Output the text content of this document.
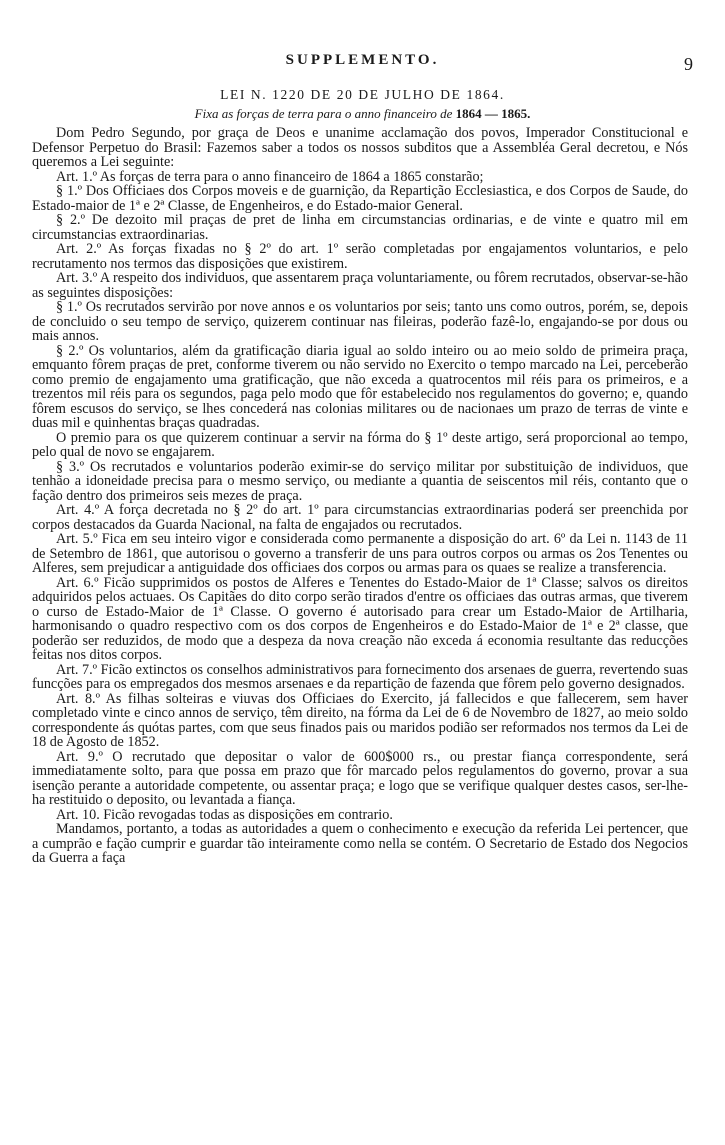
SUPPLEMENTO.	9
LEI N. 1220 DE 20 DE JULHO DE 1864.
Fixa as forças de terra para o anno financeiro de 1864 — 1865.

Dom Pedro Segundo, por graça de Deos e unanime acclamação dos povos, Imperador Constitucional e Defensor Perpetuo do Brasil: Fazemos saber a todos os nossos subditos que a Assembléa Geral decretou, e Nós queremos a Lei seguinte:

Art. 1.º As forças de terra para o anno financeiro de 1864 a 1865 constarão;

§ 1.º Dos Officiaes dos Corpos moveis e de guarnição, da Repartição Ecclesiastica, e dos Corpos de Saude, do Estado-maior de 1ª e 2ª Classe, de Engenheiros, e do Estado-maior General.

§ 2.º De dezoito mil praças de pret de linha em circumstancias ordinarias, e de vinte e quatro mil em circumstancias extraordinarias.

Art. 2.º As forças fixadas no § 2º do art. 1º serão completadas por engajamentos voluntarios, e pelo recrutamento nos termos das disposições que existirem.

Art. 3.º A respeito dos individuos, que assentarem praça voluntariamente, ou fôrem recrutados, observar-se-hão as seguintes disposições:

§ 1.º Os recrutados servirão por nove annos e os voluntarios por seis; tanto uns como outros, porém, se, depois de concluido o seu tempo de serviço, quizerem continuar nas fileiras, poderão fazê-lo, engajando-se por dous ou mais annos.

§ 2.º Os voluntarios, além da gratificação diaria igual ao soldo inteiro ou ao meio soldo de primeira praça, emquanto fôrem praças de pret, conforme tiverem ou não servido no Exercito o tempo marcado na Lei, perceberão como premio de engajamento uma gratificação, que não exceda a quatrocentos mil réis para os primeiros, e a trezentos mil réis para os segundos, paga pelo modo que fôr estabelecido nos regulamentos do governo; e, quando fôrem escusos do serviço, se lhes concederá nas colonias militares ou de nacionaes um prazo de terras de vinte e duas mil e quinhentas braças quadradas.

O premio para os que quizerem continuar a servir na fórma do § 1º deste artigo, será proporcional ao tempo, pelo qual de novo se engajarem.

§ 3.º Os recrutados e voluntarios poderão eximir-se do serviço militar por substituição de individuos, que tenhão a idoneidade precisa para o mesmo serviço, ou mediante a quantia de seiscentos mil réis, contanto que o fação dentro dos primeiros seis mezes de praça.

Art. 4.º A força decretada no § 2º do art. 1º para circumstancias extraordinarias poderá ser preenchida por corpos destacados da Guarda Nacional, na falta de engajados ou recrutados.

Art. 5.º Fica em seu inteiro vigor e considerada como permanente a disposição do art. 6º da Lei n. 1143 de 11 de Setembro de 1861, que autorisou o governo a transferir de uns para outros corpos ou armas os 2os Tenentes ou Alferes, sem prejudicar a antiguidade dos officiaes dos corpos ou armas para os quaes se realize a transferencia.

Art. 6.º Ficão supprimidos os postos de Alferes e Tenentes do Estado-Maior de 1ª Classe; salvos os direitos adquiridos pelos actuaes. Os Capitães do dito corpo serão tirados d'entre os officiaes das outras armas, que tiverem o curso de Estado-Maior de 1ª Classe. O governo é autorisado para crear um Estado-Maior de Artilharia, harmonisando o quadro respectivo com os dos corpos de Engenheiros e do Estado-Maior de 1ª e 2ª classe, que poderão ser reduzidos, de modo que a despeza da nova creação não exceda á economia resultante das reducções feitas nos ditos corpos.

Art. 7.º Ficão extinctos os conselhos administrativos para fornecimento dos arsenaes de guerra, revertendo suas funcções para os empregados dos mesmos arsenaes e da repartição de fazenda que fôrem pelo governo designados.

Art. 8.º As filhas solteiras e viuvas dos Officiaes do Exercito, já fallecidos e que fallecerem, sem haver completado vinte e cinco annos de serviço, têm direito, na fórma da Lei de 6 de Novembro de 1827, ao meio soldo correspondente ás quótas partes, com que seus finados pais ou maridos podião ser reformados nos termos da Lei de 18 de Agosto de 1852.

Art. 9.º O recrutado que depositar o valor de 600$000 rs., ou prestar fiança correspondente, será immediatamente solto, para que possa em prazo que fôr marcado pelos regulamentos do governo, provar a sua isenção perante a autoridade competente, ou assentar praça; e logo que se verifique qualquer destes casos, ser-lhe-ha restituido o deposito, ou levantada a fiança.

Art. 10. Ficão revogadas todas as disposições em contrario.

Mandamos, portanto, a todas as autoridades a quem o conhecimento e execução da referida Lei pertencer, que a cumprão e fação cumprir e guardar tão inteiramente como nella se contém. O Secretario de Estado dos Negocios da Guerra a faça
